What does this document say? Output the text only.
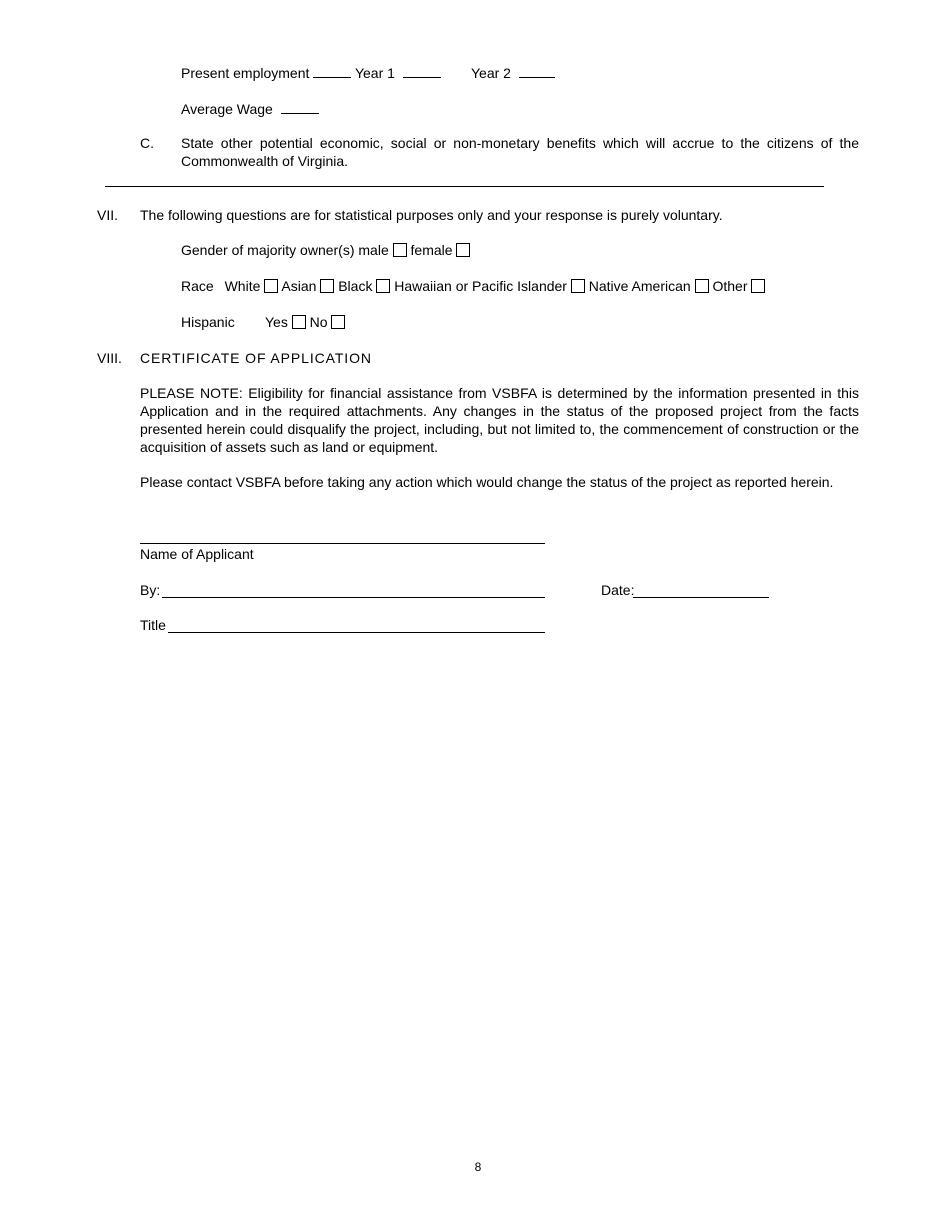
Present employment	Year 1	Year 2
Average Wage
C. State other potential economic, social or non-monetary benefits which will accrue to the citizens of the Commonwealth of Virginia.
VII. The following questions are for statistical purposes only and your response is purely voluntary.
Gender of majority owner(s) male female
Race White Asian Black Hawaiian or Pacific Islander Native American Other
Hispanic Yes No
VIII. CERTIFICATE OF APPLICATION
PLEASE NOTE: Eligibility for financial assistance from VSBFA is determined by the information presented in this Application and in the required attachments. Any changes in the status of the proposed project from the facts presented herein could disqualify the project, including, but not limited to, the commencement of construction or the acquisition of assets such as land or equipment.
Please contact VSBFA before taking any action which would change the status of the project as reported herein.
Name of Applicant
By:	Date:
Title
8
